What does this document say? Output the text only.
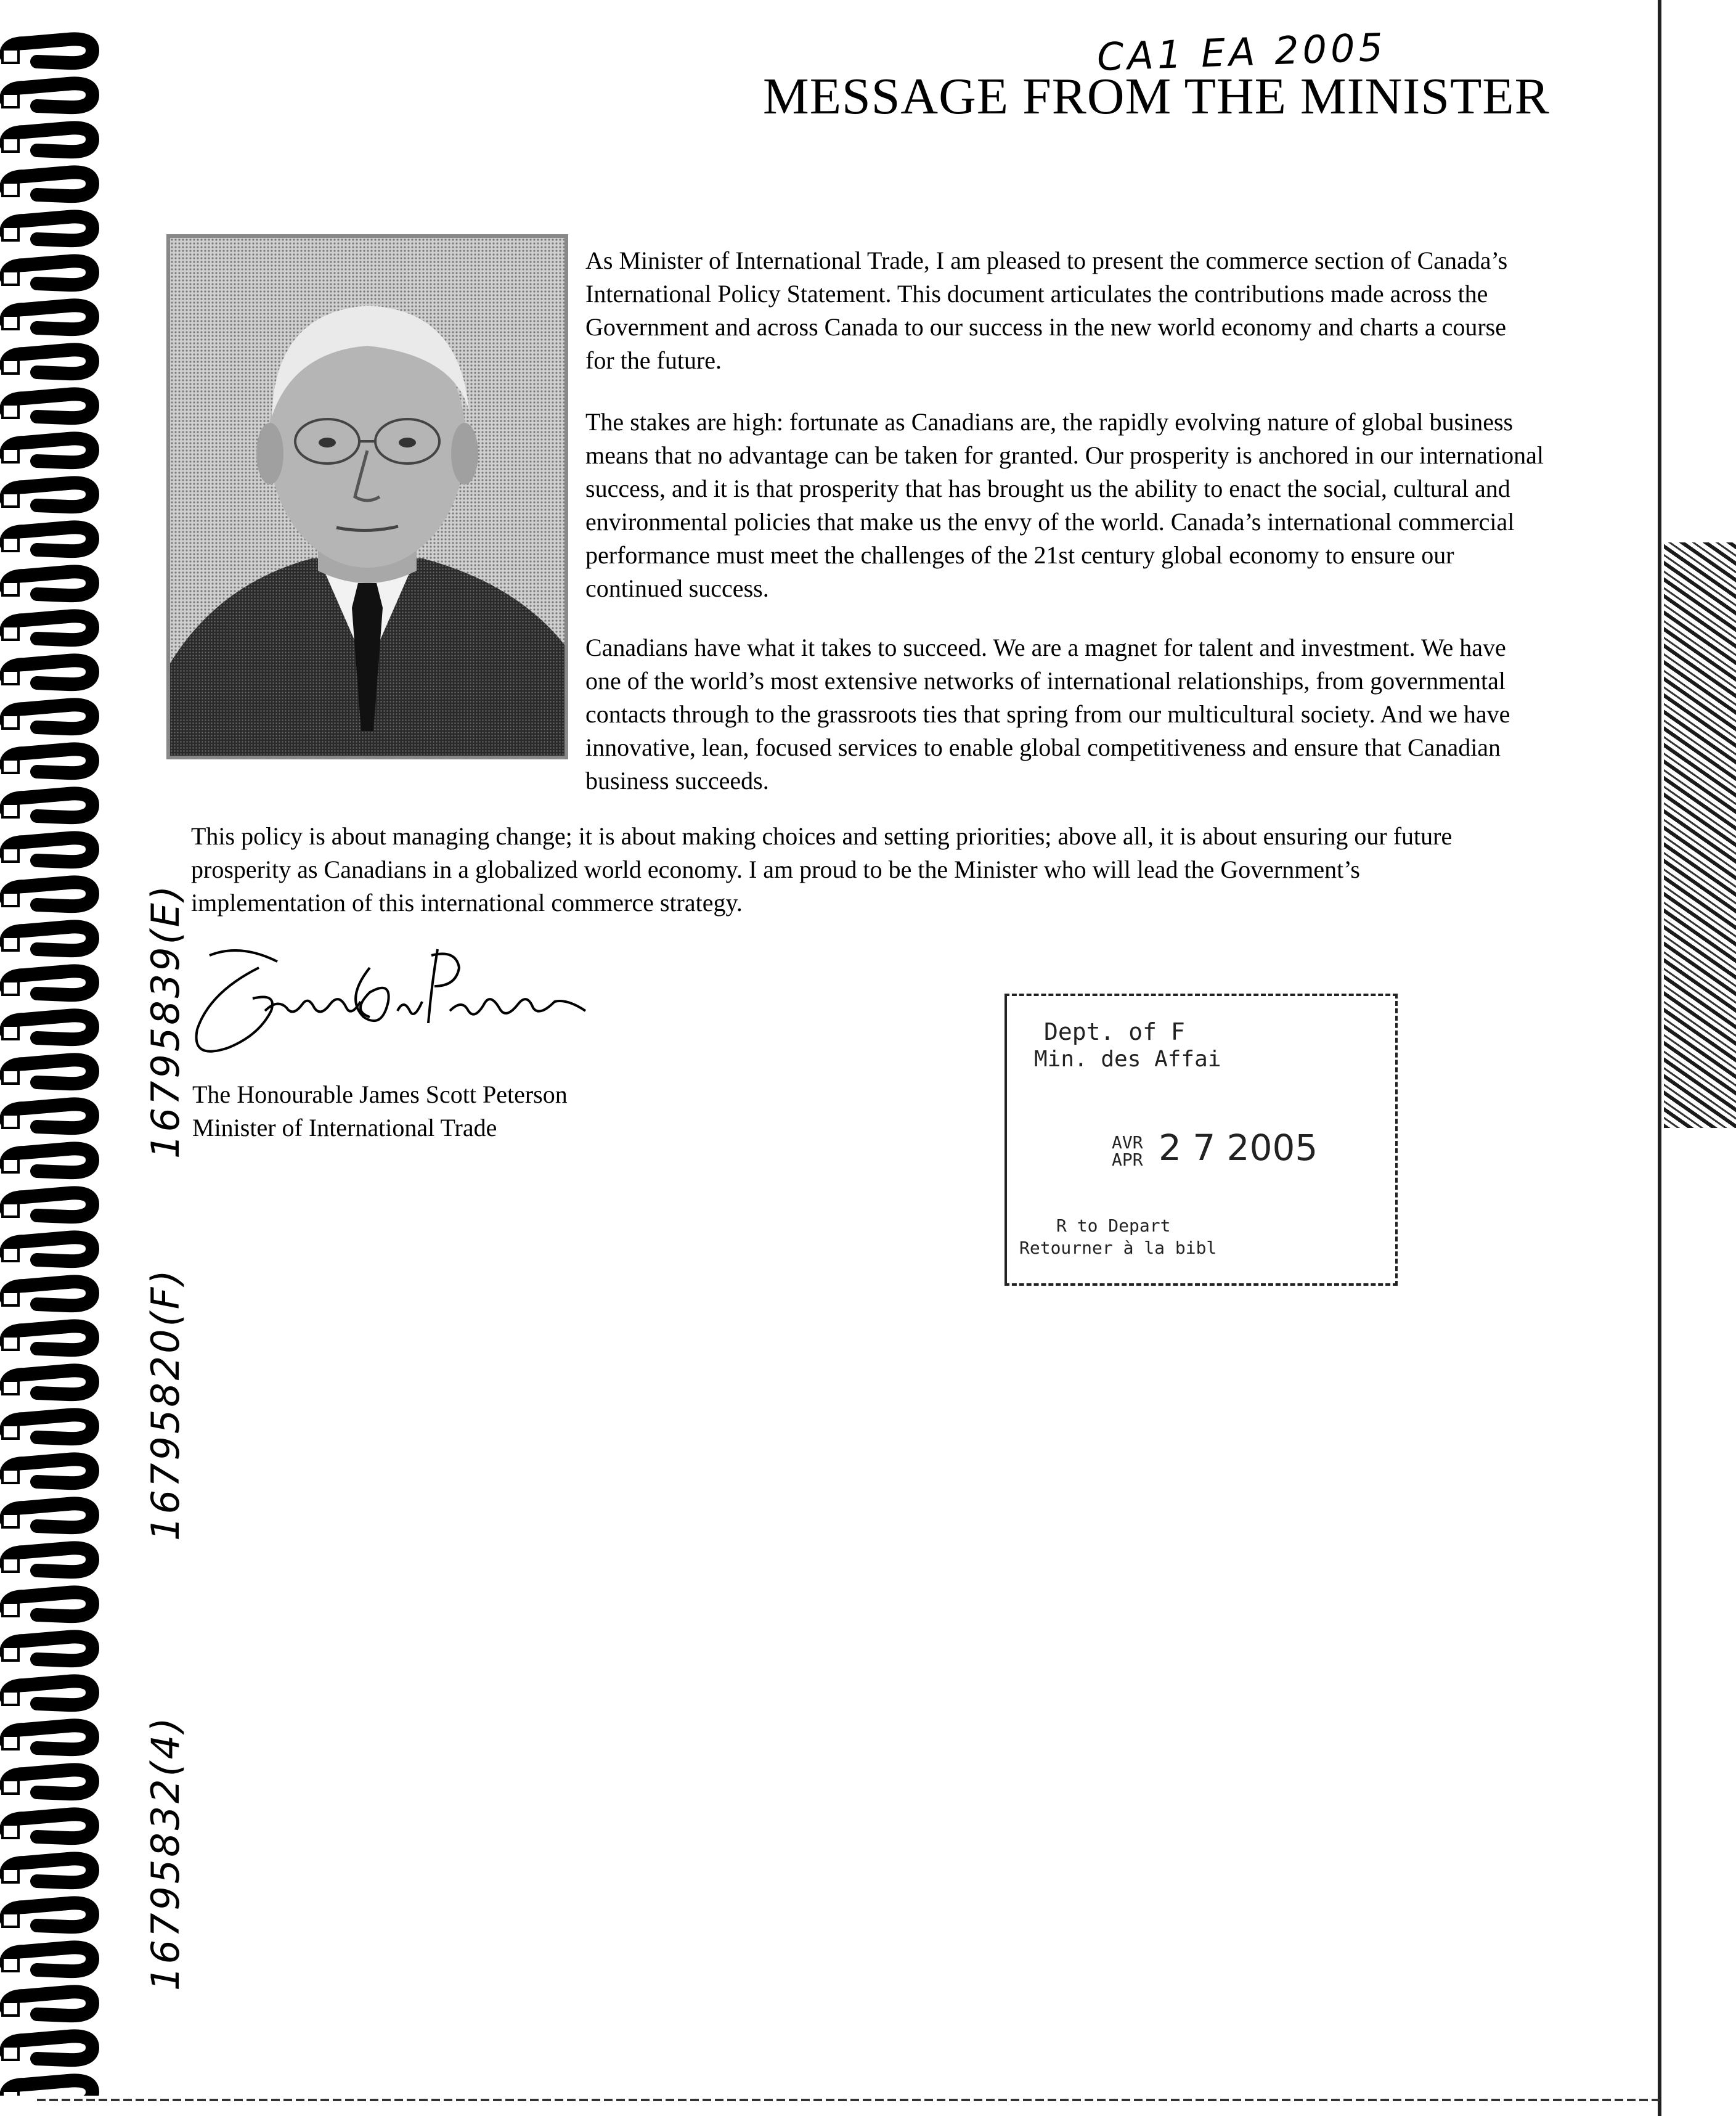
CA1 EA 2005
MESSAGE FROM THE MINISTER

As Minister of International Trade, I am pleased to present the commerce section of Canada’s International Policy Statement. This document articulates the contributions made across the Government and across Canada to our success in the new world economy and charts a course for the future.

The stakes are high: fortunate as Canadians are, the rapidly evolving nature of global business means that no advantage can be taken for granted. Our prosperity is anchored in our international success, and it is that prosperity that has brought us the ability to enact the social, cultural and environmental policies that make us the envy of the world. Canada’s international commercial performance must meet the challenges of the 21st century global economy to ensure our continued success.

Canadians have what it takes to succeed. We are a magnet for talent and investment. We have one of the world’s most extensive networks of international relationships, from governmental contacts through to the grassroots ties that spring from our multicultural society. And we have innovative, lean, focused services to enable global competitiveness and ensure that Canadian business succeeds.

This policy is about managing change; it is about making choices and setting priorities; above all, it is about ensuring our future prosperity as Canadians in a globalized world economy. I am proud to be the Minister who will lead the Government’s implementation of this international commerce strategy.

The Honourable James Scott Peterson
Minister of International Trade
Dept. of F
Min. des Affai
AVR APR 2 7 2005
R to Depart
Retourner à la bibl
16795839(E)
16795820(F)
16795832(4)
